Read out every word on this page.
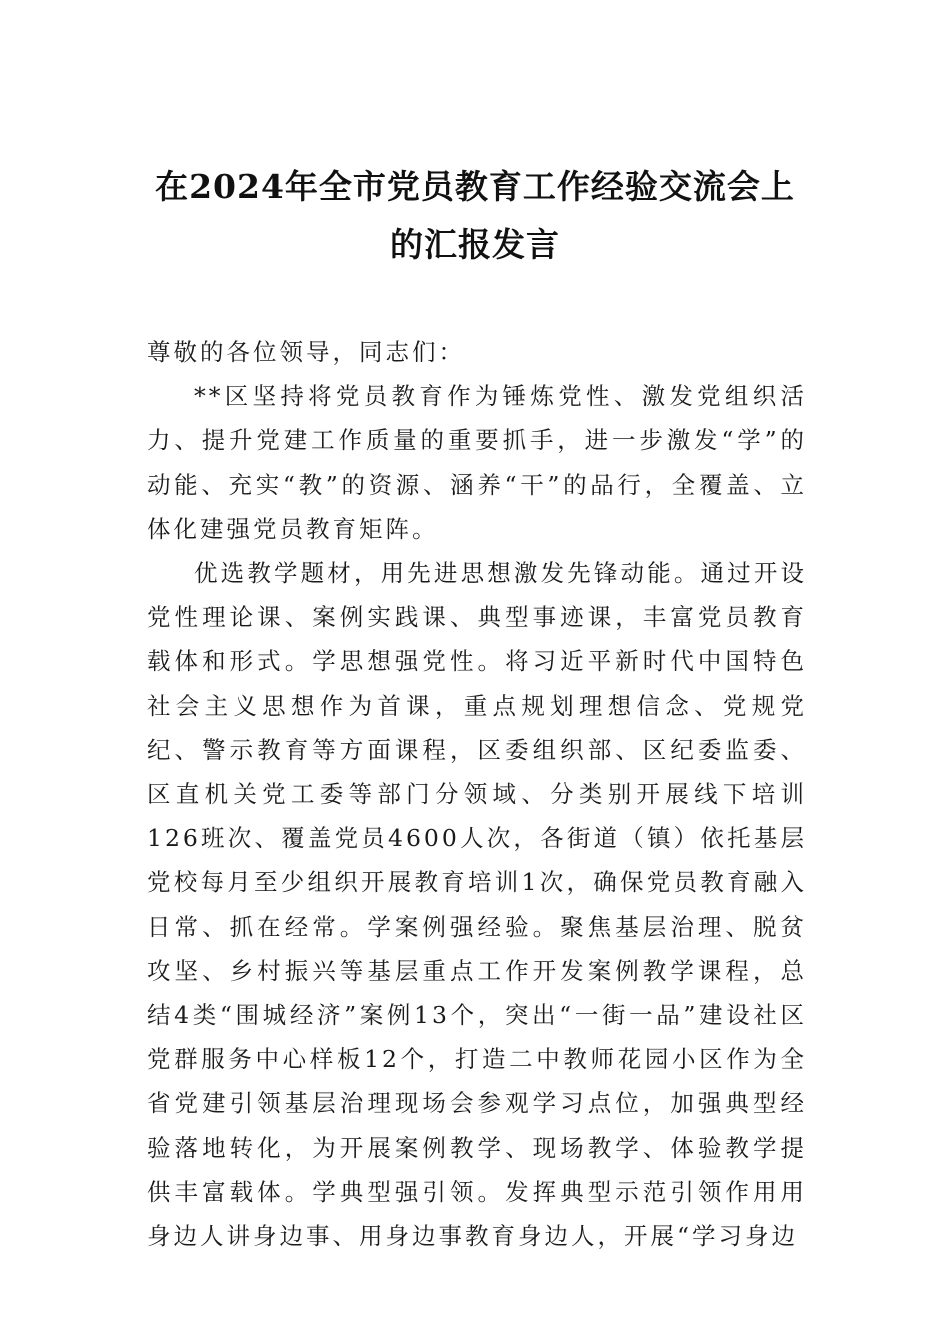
在2024年全市党员教育工作经验交流会上
的汇报发言

尊敬的各位领导，同志们：

**区坚持将党员教育作为锤炼党性、激发党组织活力、提升党建工作质量的重要抓手，进一步激发“学”的动能、充实“教”的资源、涵养“干”的品行，全覆盖、立体化建强党员教育矩阵。

优选教学题材，用先进思想激发先锋动能。通过开设党性理论课、案例实践课、典型事迹课，丰富党员教育载体和形式。学思想强党性。将习近平新时代中国特色社会主义思想作为首课，重点规划理想信念、党规党纪、警示教育等方面课程，区委组织部、区纪委监委、区直机关党工委等部门分领域、分类别开展线下培训126班次、覆盖党员4600人次，各街道（镇）依托基层党校每月至少组织开展教育培训1次，确保党员教育融入日常、抓在经常。学案例强经验。聚焦基层治理、脱贫攻坚、乡村振兴等基层重点工作开发案例教学课程，总结4类“围城经济”案例13个，突出“一街一品”建设社区党群服务中心样板12个，打造二中教师花园小区作为全省党建引领基层治理现场会参观学习点位，加强典型经验落地转化，为开展案例教学、现场教学、体验教学提供丰富载体。学典型强引领。发挥典型示范引领作用用身边人讲身边事、用身边事教育身边人，开展“学习身边
